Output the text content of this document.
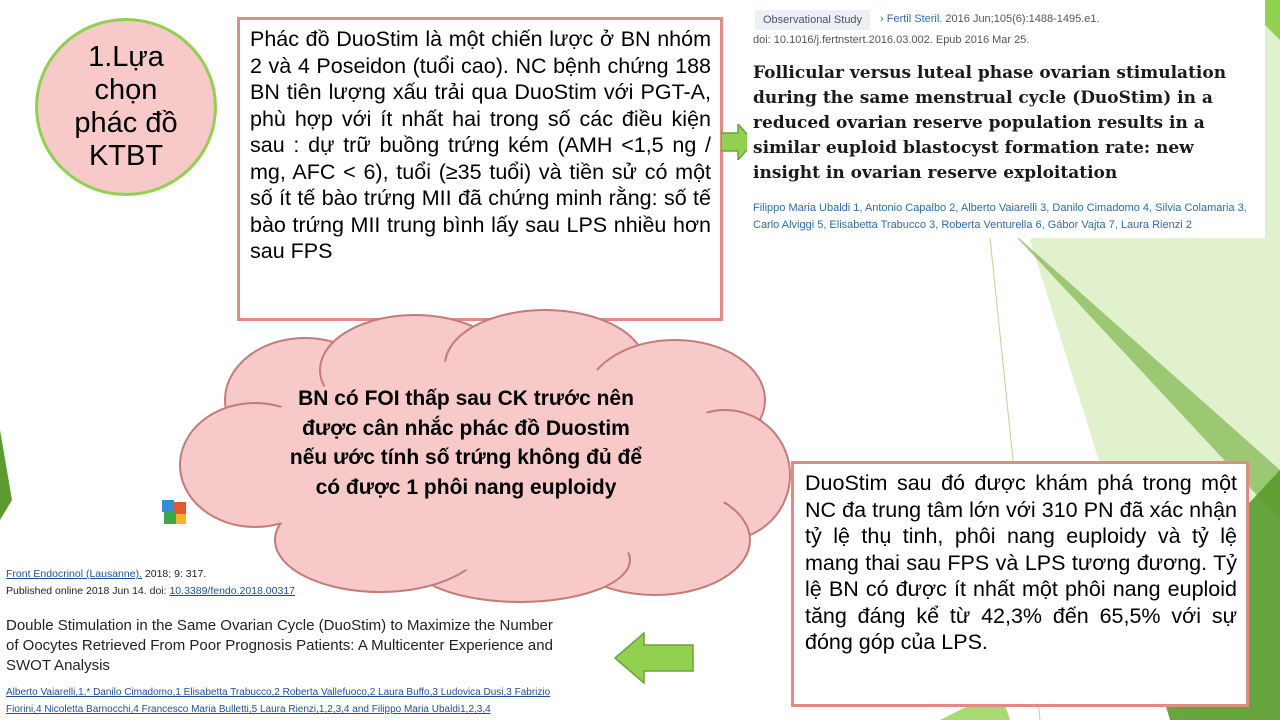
1.Lựa chọn phác đồ KTBT
Phác đồ DuoStim là một chiến lược ở BN nhóm 2 và 4 Poseidon (tuổi cao). NC bệnh chứng 188 BN tiên lượng xấu trải qua DuoStim với PGT-A, phù hợp với ít nhất hai trong số các điều kiện sau : dự trữ buồng trứng kém (AMH <1,5 ng / mg, AFC < 6), tuổi (≥35 tuổi) và tiền sử có một số ít tế bào trứng MII đã chứng minh rằng: số tế bào trứng MII trung bình lấy sau LPS nhiều hơn sau FPS
Observational Study	› Fertil Steril. 2016 Jun;105(6):1488-1495.e1.
doi: 10.1016/j.fertnstert.2016.03.002. Epub 2016 Mar 25.
Follicular versus luteal phase ovarian stimulation during the same menstrual cycle (DuoStim) in a reduced ovarian reserve population results in a similar euploid blastocyst formation rate: new insight in ovarian reserve exploitation
Filippo Maria Ubaldi 1, Antonio Capalbo 2, Alberto Vaiarelli 3, Danilo Cimadomo 4, Silvia Colamaria 3, Carlo Alviggi 5, Elisabetta Trabucco 3, Roberta Venturella 6, Gábor Vajta 7, Laura Rienzi 2
BN có FOI thấp sau CK trước nên được cân nhắc phác đồ Duostim nếu ước tính số trứng không đủ để có được 1 phôi nang euploidy
Front Endocrinol (Lausanne). 2018; 9: 317.
Published online 2018 Jun 14. doi: 10.3389/fendo.2018.00317
Double Stimulation in the Same Ovarian Cycle (DuoStim) to Maximize the Number of Oocytes Retrieved From Poor Prognosis Patients: A Multicenter Experience and SWOT Analysis
Alberto Vaiarelli,1,* Danilo Cimadomo,1 Elisabetta Trabucco,2 Roberta Vallefuoco,2 Laura Buffo,3 Ludovica Dusi,3 Fabrizio Fiorini,4 Nicoletta Barnocchi,4 Francesco Maria Bulletti,5 Laura Rienzi,1,2,3,4 and Filippo Maria Ubaldi1,2,3,4
DuoStim sau đó được khám phá trong một NC đa trung tâm lớn với 310 PN đã xác nhận tỷ lệ thụ tinh, phôi nang euploidy và tỷ lệ mang thai sau FPS và LPS tương đương. Tỷ lệ BN có được ít nhất một phôi nang euploid tăng đáng kể từ 42,3% đến 65,5% với sự đóng góp của LPS.
